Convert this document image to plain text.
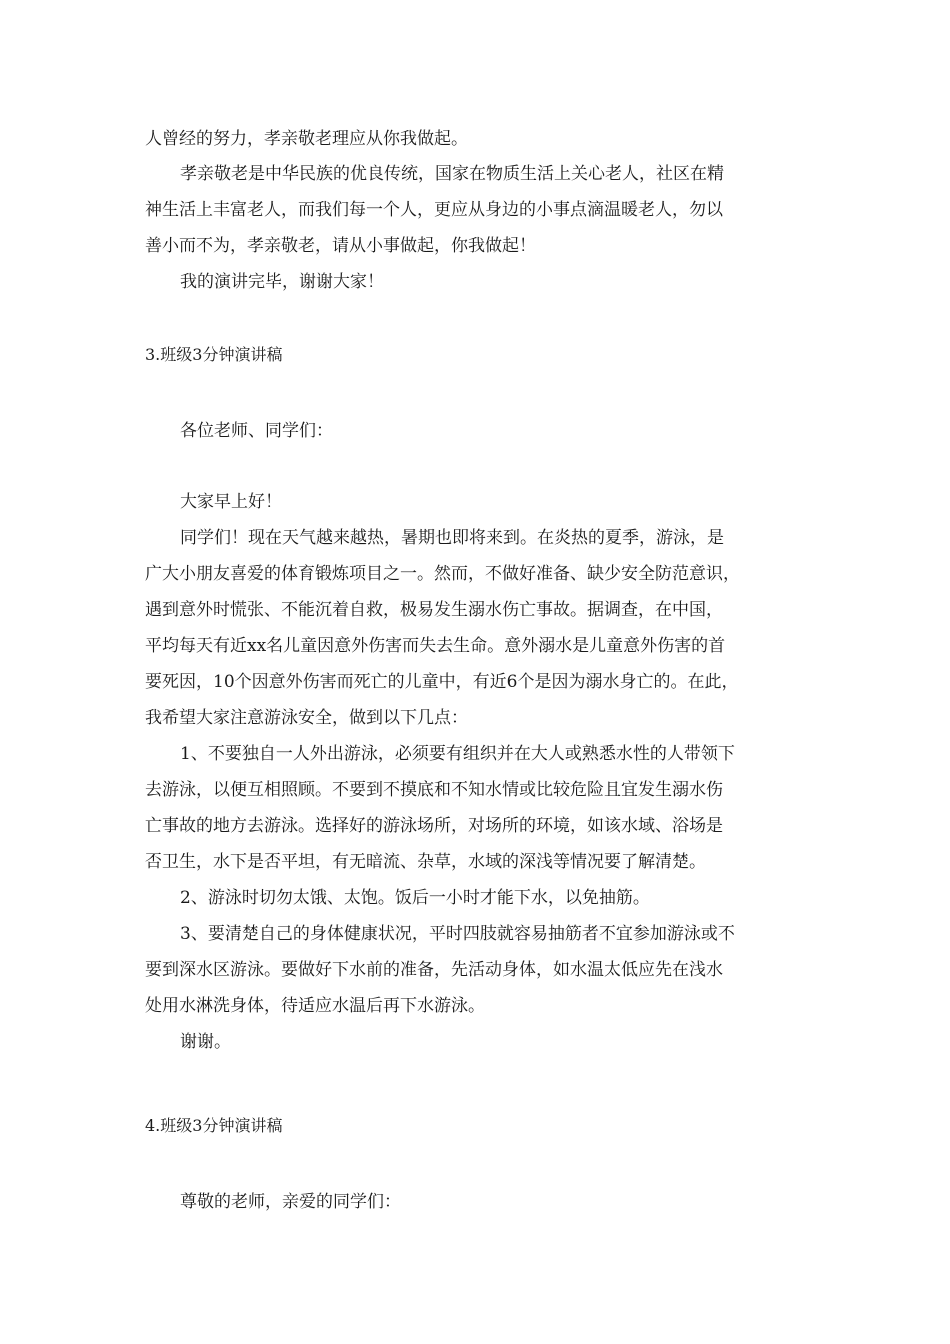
人曾经的努力，孝亲敬老理应从你我做起。
孝亲敬老是中华民族的优良传统，国家在物质生活上关心老人，社区在精
神生活上丰富老人，而我们每一个人，更应从身边的小事点滴温暖老人，勿以
善小而不为，孝亲敬老，请从小事做起，你我做起！
我的演讲完毕，谢谢大家！
3.班级3分钟演讲稿
各位老师、同学们：
大家早上好！
同学们！现在天气越来越热，暑期也即将来到。在炎热的夏季，游泳，是
广大小朋友喜爱的体育锻炼项目之一。然而，不做好准备、缺少安全防范意识，
遇到意外时慌张、不能沉着自救，极易发生溺水伤亡事故。据调查，在中国，
平均每天有近xx名儿童因意外伤害而失去生命。意外溺水是儿童意外伤害的首
要死因，10个因意外伤害而死亡的儿童中，有近6个是因为溺水身亡的。在此，
我希望大家注意游泳安全，做到以下几点：
1、不要独自一人外出游泳，必须要有组织并在大人或熟悉水性的人带领下
去游泳，以便互相照顾。不要到不摸底和不知水情或比较危险且宜发生溺水伤
亡事故的地方去游泳。选择好的游泳场所，对场所的环境，如该水域、浴场是
否卫生，水下是否平坦，有无暗流、杂草，水域的深浅等情况要了解清楚。
2、游泳时切勿太饿、太饱。饭后一小时才能下水，以免抽筋。
3、要清楚自己的身体健康状况，平时四肢就容易抽筋者不宜参加游泳或不
要到深水区游泳。要做好下水前的准备，先活动身体，如水温太低应先在浅水
处用水淋洗身体，待适应水温后再下水游泳。
谢谢。
4.班级3分钟演讲稿
尊敬的老师，亲爱的同学们：
